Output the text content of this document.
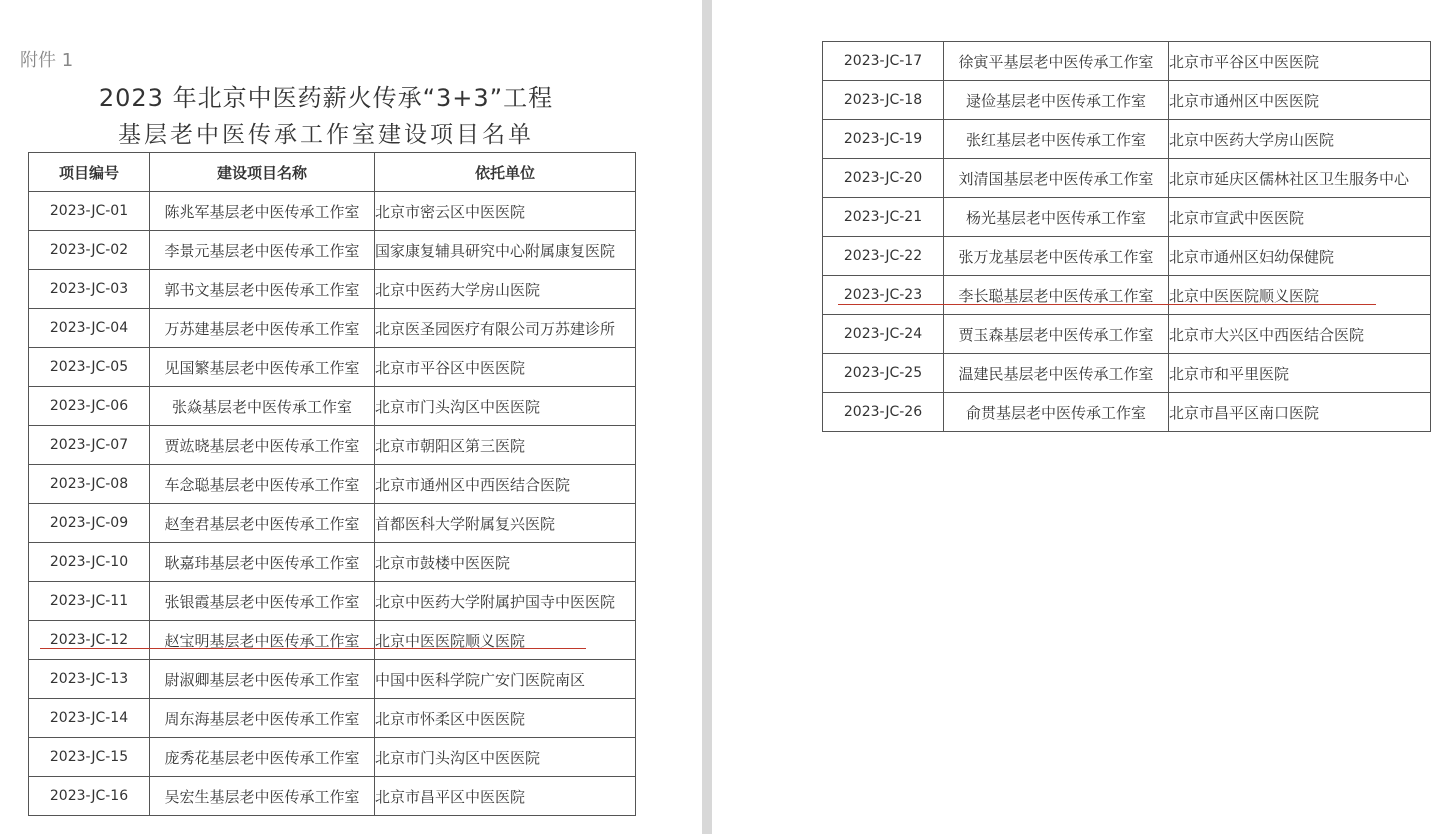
附件 1
2023 年北京中医药薪火传承“3+3”工程
基层老中医传承工作室建设项目名单
项目编号	建设项目名称	依托单位
2023-JC-01	陈兆军基层老中医传承工作室	北京市密云区中医医院
2023-JC-02	李景元基层老中医传承工作室	国家康复辅具研究中心附属康复医院
2023-JC-03	郭书文基层老中医传承工作室	北京中医药大学房山医院
2023-JC-04	万苏建基层老中医传承工作室	北京医圣园医疗有限公司万苏建诊所
2023-JC-05	见国繁基层老中医传承工作室	北京市平谷区中医医院
2023-JC-06	张焱基层老中医传承工作室	北京市门头沟区中医医院
2023-JC-07	贾竑晓基层老中医传承工作室	北京市朝阳区第三医院
2023-JC-08	车念聪基层老中医传承工作室	北京市通州区中西医结合医院
2023-JC-09	赵奎君基层老中医传承工作室	首都医科大学附属复兴医院
2023-JC-10	耿嘉玮基层老中医传承工作室	北京市鼓楼中医医院
2023-JC-11	张银霞基层老中医传承工作室	北京中医药大学附属护国寺中医医院
2023-JC-12	赵宝明基层老中医传承工作室	北京中医医院顺义医院
2023-JC-13	尉淑卿基层老中医传承工作室	中国中医科学院广安门医院南区
2023-JC-14	周东海基层老中医传承工作室	北京市怀柔区中医医院
2023-JC-15	庞秀花基层老中医传承工作室	北京市门头沟区中医医院
2023-JC-16	吴宏生基层老中医传承工作室	北京市昌平区中医医院
2023-JC-17	徐寅平基层老中医传承工作室	北京市平谷区中医医院
2023-JC-18	逯俭基层老中医传承工作室	北京市通州区中医医院
2023-JC-19	张红基层老中医传承工作室	北京中医药大学房山医院
2023-JC-20	刘清国基层老中医传承工作室	北京市延庆区儒林社区卫生服务中心
2023-JC-21	杨光基层老中医传承工作室	北京市宣武中医医院
2023-JC-22	张万龙基层老中医传承工作室	北京市通州区妇幼保健院
2023-JC-23	李长聪基层老中医传承工作室	北京中医医院顺义医院
2023-JC-24	贾玉森基层老中医传承工作室	北京市大兴区中西医结合医院
2023-JC-25	温建民基层老中医传承工作室	北京市和平里医院
2023-JC-26	俞贯基层老中医传承工作室	北京市昌平区南口医院
